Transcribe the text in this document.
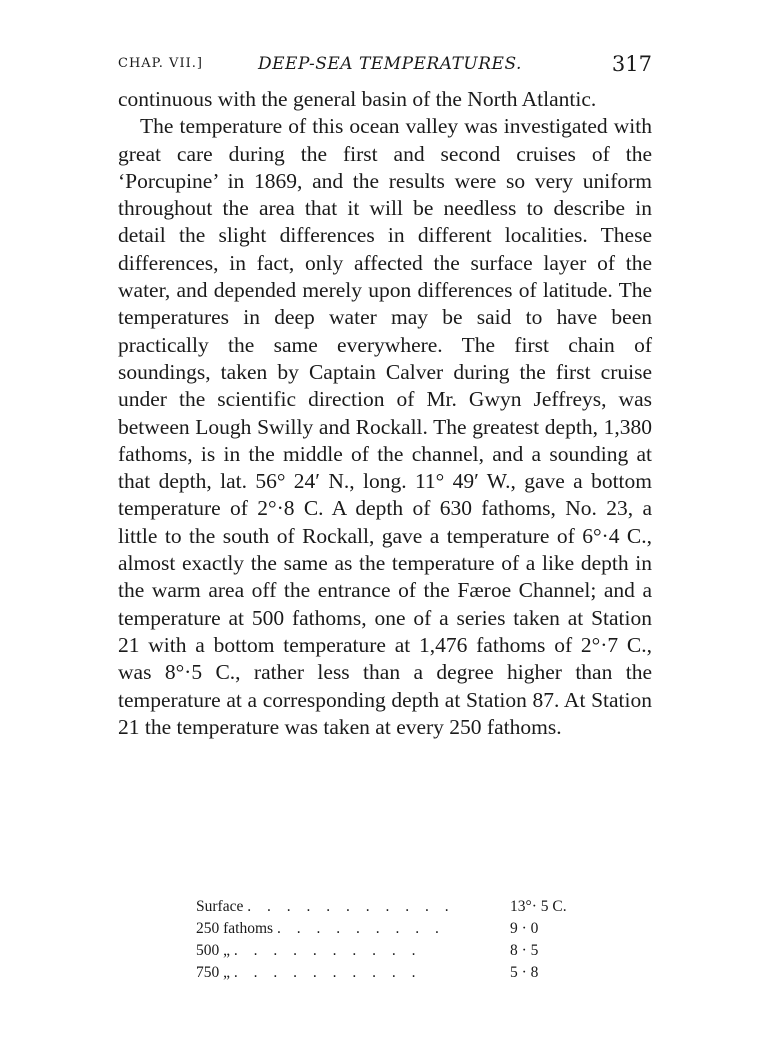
CHAP. VII.]	DEEP-SEA TEMPERATURES.	317

continuous with the general basin of the North Atlantic.

The temperature of this ocean valley was investigated with great care during the first and second cruises of the ‘Porcupine’ in 1869, and the results were so very uniform throughout the area that it will be needless to describe in detail the slight differences in different localities. These differences, in fact, only affected the surface layer of the water, and depended merely upon differences of latitude. The temperatures in deep water may be said to have been practically the same everywhere. The first chain of soundings, taken by Captain Calver during the first cruise under the scientific direction of Mr. Gwyn Jeffreys, was between Lough Swilly and Rockall. The greatest depth, 1,380 fathoms, is in the middle of the channel, and a sounding at that depth, lat. 56° 24′ N., long. 11° 49′ W., gave a bottom temperature of 2°·8 C. A depth of 630 fathoms, No. 23, a little to the south of Rockall, gave a temperature of 6°·4 C., almost exactly the same as the temperature of a like depth in the warm area off the entrance of the Færoe Channel; and a temperature at 500 fathoms, one of a series taken at Station 21 with a bottom temperature at 1,476 fathoms of 2°·7 C., was 8°·5 C., rather less than a degree higher than the temperature at a corresponding depth at Station 87. At Station 21 the temperature was taken at every 250 fathoms.

Surface . . . . . . . . . . .	13°· 5 C.
250 fathoms . . . . . . . . .	9 · 0
500 „ . . . . . . . . . .	8 · 5
750 „ . . . . . . . . . .	5 · 8
